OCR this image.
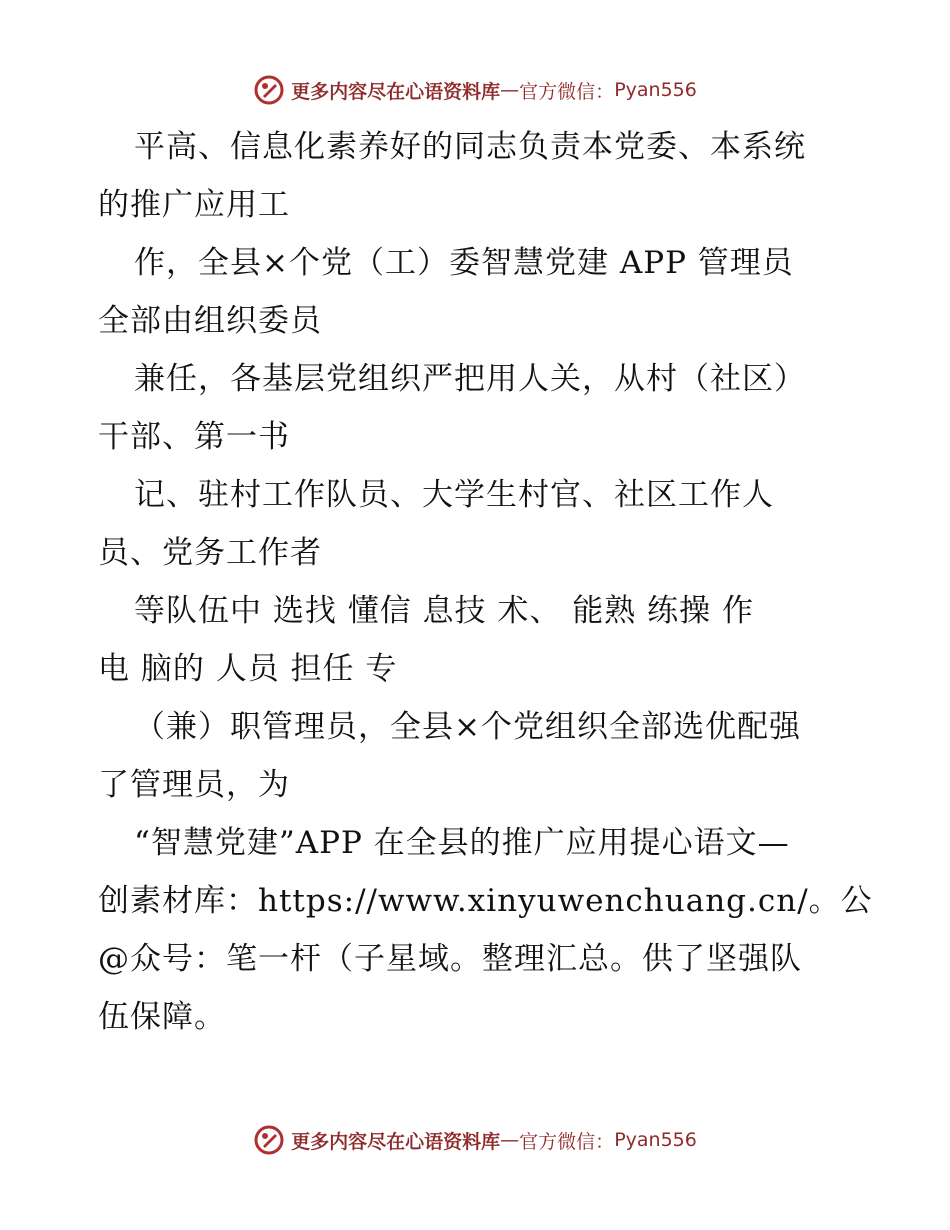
更多内容尽在心语资料库 — 官方微信： Pyan556
平高、信息化素养好的同志负责本党委、本系统
的推广应用工
作，全县×个党（工）委智慧党建 APP 管理员
全部由组织委员
兼任，各基层党组织严把用人关，从村（社区）
干部、第一书
记、驻村工作队员、大学生村官、社区工作人
员、党务工作者
等队伍中 选找 懂信 息技 术、 能熟 练操 作
电 脑的 人员 担任 专
（兼）职管理员，全县×个党组织全部选优配强
了管理员，为
“智慧党建”APP 在全县的推广应用提心语文—
创素材库：https://www.xinyuwenchuang.cn/。公
@众号：笔一杆（子星域。整理汇总。供了坚强队
伍保障。
更多内容尽在心语资料库 — 官方微信： Pyan556
